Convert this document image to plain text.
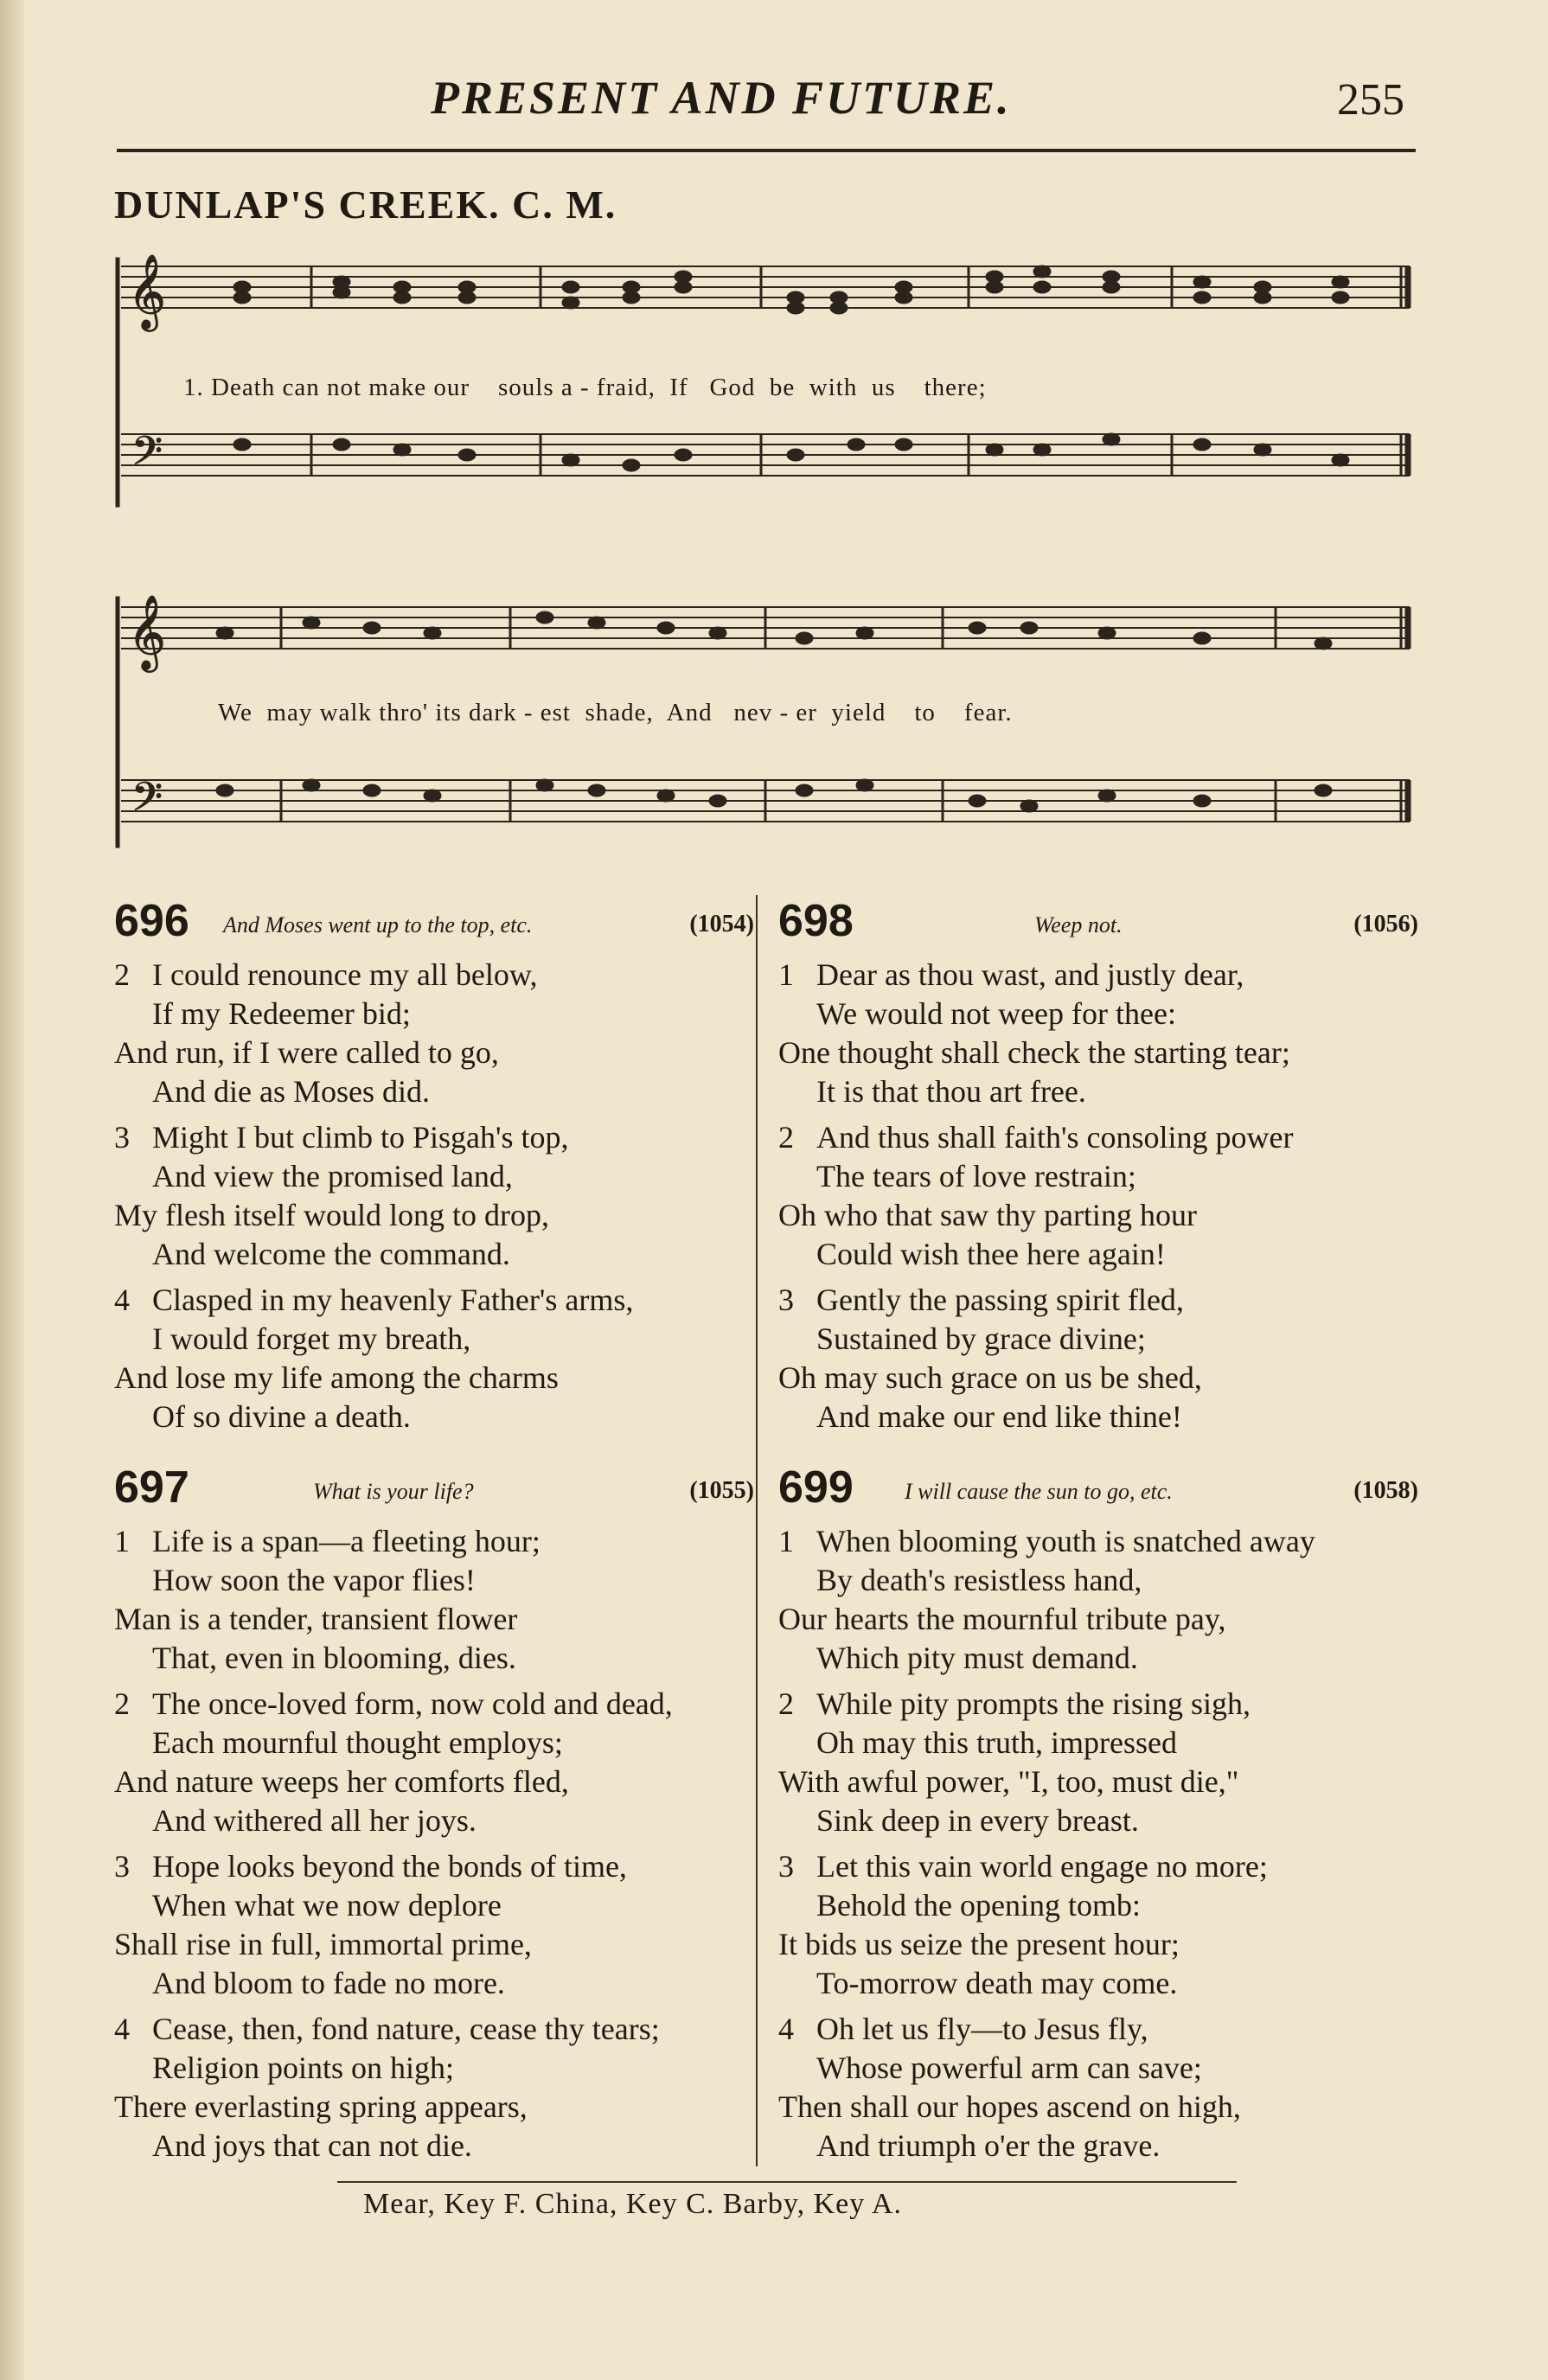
PRESENT AND FUTURE.	255
DUNLAP'S CREEK. C. M.
𝄞
𝄢
𝄞
𝄢
1. Death can not make our    souls a - fraid,  If   God  be  with  us    there;
We  may walk thro' its dark - est  shade,  And   nev - er  yield    to    fear.
696 And Moses went up to the top, etc.	(1054)
2 I could renounce my all below,
If my Redeemer bid;
And run, if I were called to go,
And die as Moses did.
3 Might I but climb to Pisgah's top,
And view the promised land,
My flesh itself would long to drop,
And welcome the command.
4 Clasped in my heavenly Father's arms,
I would forget my breath,
And lose my life among the charms
Of so divine a death.
697	What is your life?	(1055)
1 Life is a span—a fleeting hour;
How soon the vapor flies!
Man is a tender, transient flower
That, even in blooming, dies.
2 The once-loved form, now cold and dead,
Each mournful thought employs;
And nature weeps her comforts fled,
And withered all her joys.
3 Hope looks beyond the bonds of time,
When what we now deplore
Shall rise in full, immortal prime,
And bloom to fade no more.
4 Cease, then, fond nature, cease thy tears;
Religion points on high;
There everlasting spring appears,
And joys that can not die.
698	Weep not.	(1056)
1 Dear as thou wast, and justly dear,
We would not weep for thee:
One thought shall check the starting tear;
It is that thou art free.
2 And thus shall faith's consoling power
The tears of love restrain;
Oh who that saw thy parting hour
Could wish thee here again!
3 Gently the passing spirit fled,
Sustained by grace divine;
Oh may such grace on us be shed,
And make our end like thine!
699 I will cause the sun to go, etc.	(1058)
1 When blooming youth is snatched away
By death's resistless hand,
Our hearts the mournful tribute pay,
Which pity must demand.
2 While pity prompts the rising sigh,
Oh may this truth, impressed
With awful power, "I, too, must die,"
Sink deep in every breast.
3 Let this vain world engage no more;
Behold the opening tomb:
It bids us seize the present hour;
To-morrow death may come.
4 Oh let us fly—to Jesus fly,
Whose powerful arm can save;
Then shall our hopes ascend on high,
And triumph o'er the grave.
Mear, Key F. China, Key C. Barby, Key A.
